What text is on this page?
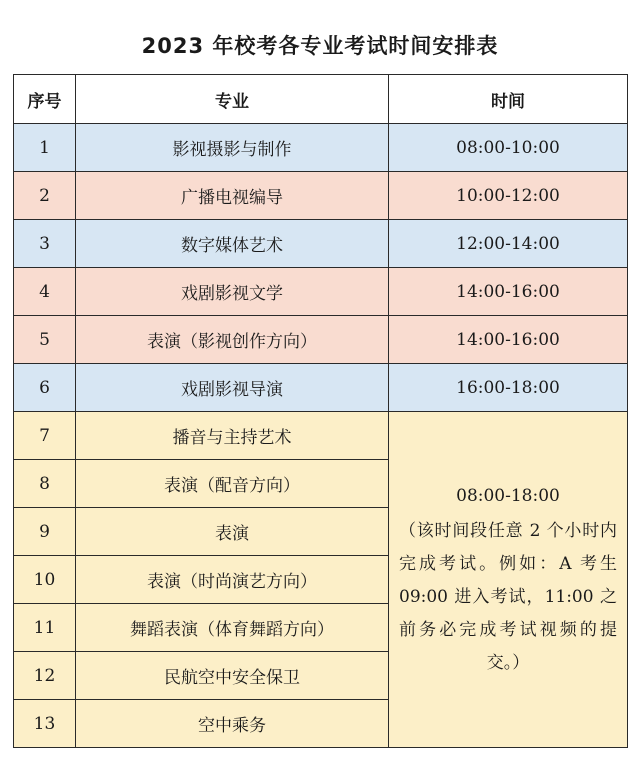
2023 年校考各专业考试时间安排表
序号	专业	时间
1	影视摄影与制作	08:00-10:00
2	广播电视编导	10:00-12:00
3	数字媒体艺术	12:00-14:00
4	戏剧影视文学	14:00-16:00
5	表演（影视创作方向）	14:00-16:00
6	戏剧影视导演	16:00-18:00
7	播音与主持艺术	08:00-18:00
（该时间段任意 2 个小时内完成考试。例如：A 考生 09:00 进入考试，11:00 之前务必完成考试视频的提交。）

8	表演（配音方向）	
9	表演	
10	表演（时尚演艺方向）	
11	舞蹈表演（体育舞蹈方向）	
12	民航空中安全保卫	
13	空中乘务	
